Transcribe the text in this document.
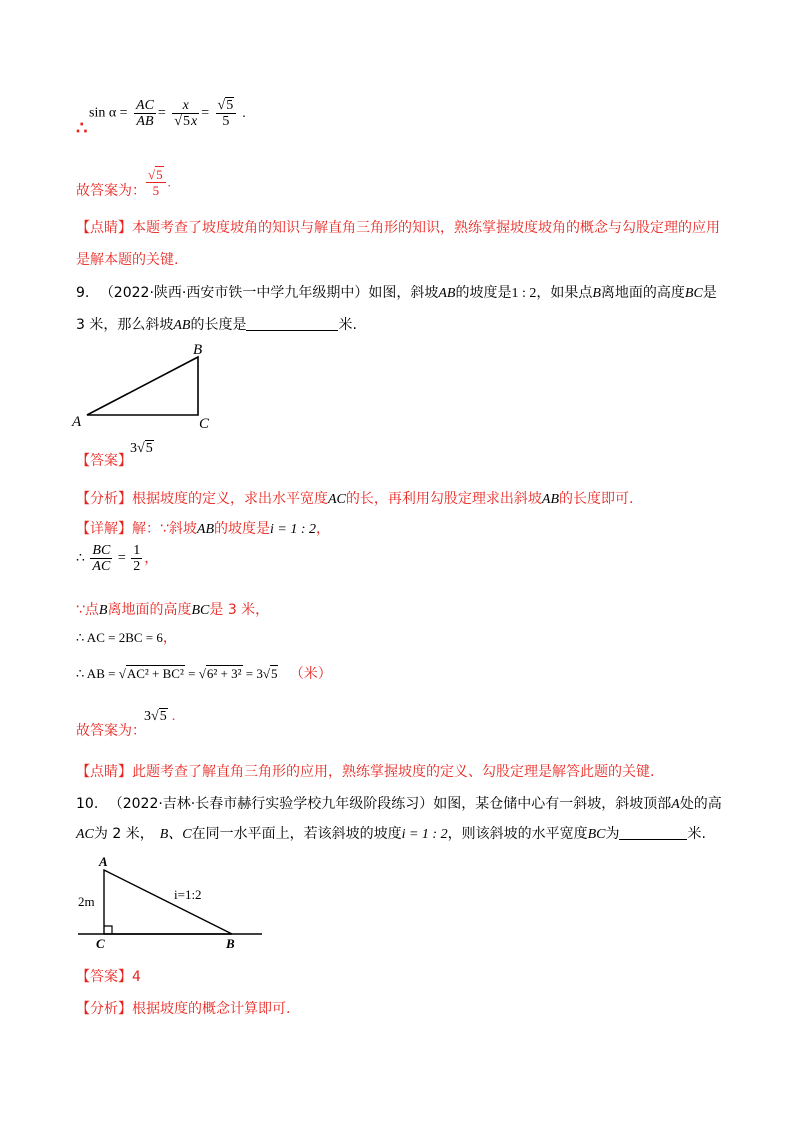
∴
$\sin \alpha = \frac{AC}{AB} = \frac{x}{√5x} = \frac{√5}{5}$ .
故答案为： $\frac{√5}{5}$ .
【点睛】本题考查了坡度坡角的知识与解直角三角形的知识，熟练掌握坡度坡角的概念与勾股定理的应用
是解本题的关键.
9. （2022·陕西·西安市铁一中学九年级期中）如图，斜坡AB的坡度是1 : 2，如果点B离地面的高度BC是
3 米，那么斜坡AB的长度是	米.
B
A	C
【答案】
3√5
【分析】根据坡度的定义，求出水平宽度AC的长，再利用勾股定理求出斜坡AB的长度即可.
【详解】解：∵斜坡AB的坡度是i = 1 : 2，
∴ $\frac{BC}{AC} = \frac{1}{2}$ ，
∵点B离地面的高度BC是 3 米，
∴ AC = 2BC = 6，
∴ AB = √AC² + BC² = √6² + 3² = 3√5 （米）
故答案为：
3√5 .
【点睛】此题考查了解直角三角形的应用，熟练掌握坡度的定义、勾股定理是解答此题的关键.
10. （2022·吉林·长春市赫行实验学校九年级阶段练习）如图，某仓储中心有一斜坡，斜坡顶部A处的高
AC为 2 米， B、C在同一水平面上，若该斜坡的坡度i = 1 : 2，则该斜坡的水平宽度BC为	米.
A
C	B
2m	i=1:2
【答案】4
【分析】根据坡度的概念计算即可.
